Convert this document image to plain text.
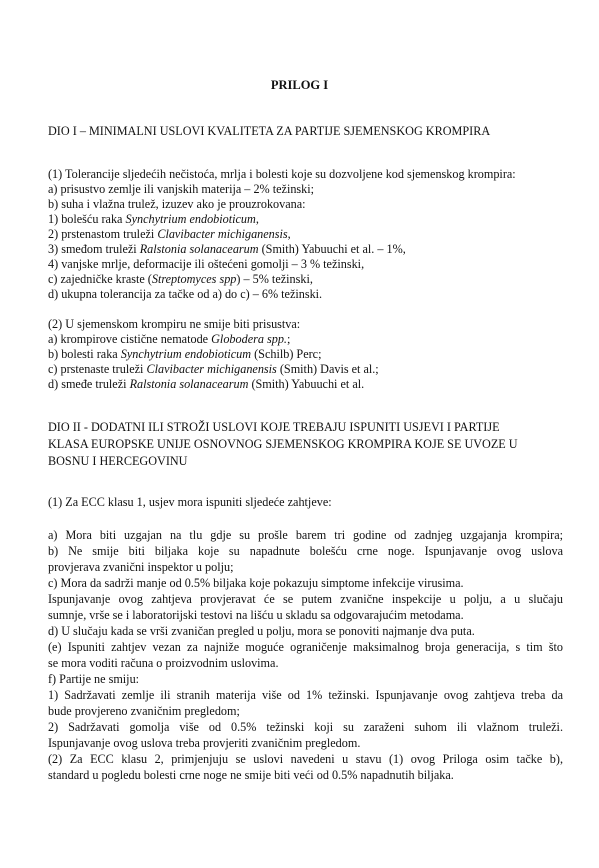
PRILOG I
DIO I – MINIMALNI USLOVI KVALITETA ZA PARTIJE SJEMENSKOG KROMPIRA
(1) Tolerancije sljedećih nečistoća, mrlja i bolesti koje su dozvoljene kod sjemenskog krompira:
a) prisustvo zemlje ili vanjskih materija – 2% težinski;
b) suha i vlažna trulež, izuzev ako je prouzrokovana:
1) bolešću raka Synchytrium endobioticum,
2) prstenastom truleži Clavibacter michiganensis,
3) smeđom truleži Ralstonia solanacearum (Smith) Yabuuchi et al. – 1%,
4) vanjske mrlje, deformacije ili oštećeni gomolji – 3 % težinski,
c) zajedničke kraste (Streptomyces spp) – 5% težinski,
d) ukupna tolerancija za tačke od a) do c) – 6% težinski.
(2) U sjemenskom krompiru ne smije biti prisustva:
a) krompirove cistične nematode Globodera spp.;
b) bolesti raka Synchytrium endobioticum (Schilb) Perc;
c) prstenaste truleži Clavibacter michiganensis (Smith) Davis et al.;
d) smeđe truleži Ralstonia solanacearum (Smith) Yabuuchi et al.
DIO II - DODATNI ILI STROŽI USLOVI KOJE TREBAJU ISPUNITI USJEVI I PARTIJE
KLASA EUROPSKE UNIJE OSNOVNOG SJEMENSKOG KROMPIRA KOJE SE UVOZE U
BOSNU I HERCEGOVINU
(1) Za ECC klasu 1, usjev mora ispuniti sljedeće zahtjeve:
a) Mora biti uzgajan na tlu gdje su prošle barem tri godine od zadnjeg uzgajanja krompira;
b) Ne smije biti biljaka koje su napadnute bolešću crne noge. Ispunjavanje ovog uslova
provjerava zvanični inspektor u polju;
c) Mora da sadrži manje od 0.5% biljaka koje pokazuju simptome infekcije virusima.
Ispunjavanje ovog zahtjeva provjeravat će se putem zvanične inspekcije u polju, a u slučaju
sumnje, vrše se i laboratorijski testovi na lišću u skladu sa odgovarajućim metodama.
d) U slučaju kada se vrši zvaničan pregled u polju, mora se ponoviti najmanje dva puta.
(e) Ispuniti zahtjev vezan za najniže moguće ograničenje maksimalnog broja generacija, s tim što
se mora voditi računa o proizvodnim uslovima.
f) Partije ne smiju:
1) Sadržavati zemlje ili stranih materija više od 1% težinski. Ispunjavanje ovog zahtjeva treba da
bude provjereno zvaničnim pregledom;
2) Sadržavati gomolja više od 0.5% težinski koji su zaraženi suhom ili vlažnom truleži.
Ispunjavanje ovog uslova treba provjeriti zvaničnim pregledom.
(2) Za ECC klasu 2, primjenjuju se uslovi navedeni u stavu (1) ovog Priloga osim tačke b),
standard u pogledu bolesti crne noge ne smije biti veći od 0.5% napadnutih biljaka.
